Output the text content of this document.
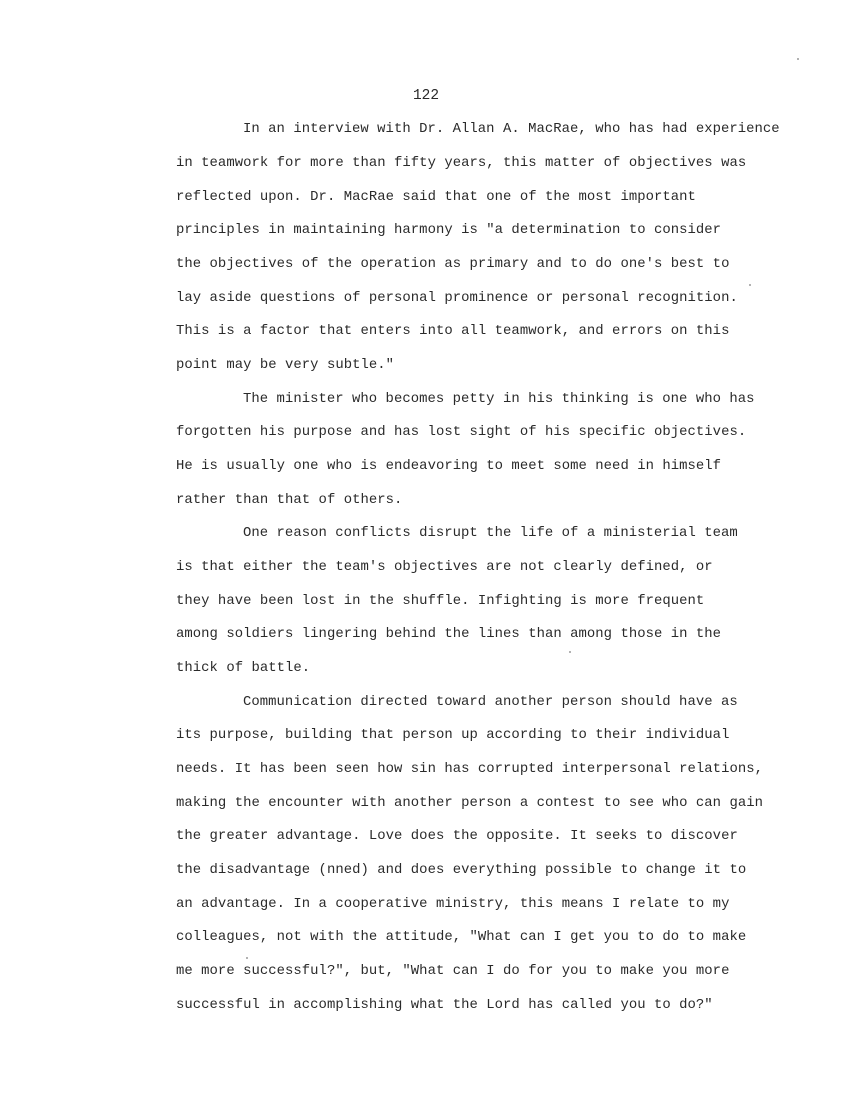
122
In an interview with Dr. Allan A. MacRae, who has had experience
in teamwork for more than fifty years, this matter of objectives was
reflected upon. Dr. MacRae said that one of the most important
principles in maintaining harmony is "a determination to consider
the objectives of the operation as primary and to do one's best to
lay aside questions of personal prominence or personal recognition.
This is a factor that enters into all teamwork, and errors on this
point may be very subtle."
The minister who becomes petty in his thinking is one who has
forgotten his purpose and has lost sight of his specific objectives.
He is usually one who is endeavoring to meet some need in himself
rather than that of others.
One reason conflicts disrupt the life of a ministerial team
is that either the team's objectives are not clearly defined, or
they have been lost in the shuffle. Infighting is more frequent
among soldiers lingering behind the lines than among those in the
thick of battle.
Communication directed toward another person should have as
its purpose, building that person up according to their individual
needs. It has been seen how sin has corrupted interpersonal relations,
making the encounter with another person a contest to see who can gain
the greater advantage. Love does the opposite. It seeks to discover
the disadvantage (nned) and does everything possible to change it to
an advantage. In a cooperative ministry, this means I relate to my
colleagues, not with the attitude, "What can I get you to do to make
me more successful?", but, "What can I do for you to make you more
successful in accomplishing what the Lord has called you to do?"
